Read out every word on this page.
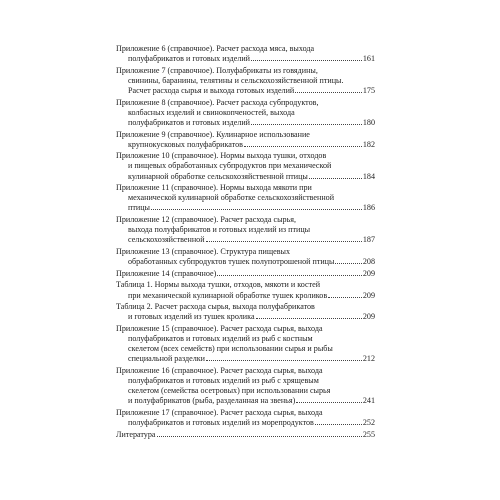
Приложение 6 (справочное). Расчет расхода мяса, выхода
полуфабрикатов и готовых изделий	161
Приложение 7 (справочное). Полуфабрикаты из говядины,
свинины, баранины, телятины и сельскохозяйственной птицы.
Расчет расхода сырья и выхода готовых изделий	175
Приложение 8 (справочное). Расчет расхода субпродуктов,
колбасных изделий и свинокопченостей, выхода
полуфабрикатов и готовых изделий	180
Приложение 9 (справочное). Кулинарное использование
крупнокусковых полуфабрикатов	182
Приложение 10 (справочное). Нормы выхода тушки, отходов
и пищевых обработанных субпродуктов при механической
кулинарной обработке сельскохозяйственной птицы	184
Приложение 11 (справочное). Нормы выхода мякоти при
механической кулинарной обработке сельскохозяйственной
птицы	186
Приложение 12 (справочное). Расчет расхода сырья,
выхода полуфабрикатов и готовых изделий из птицы
сельскохозяйственной	187
Приложение 13 (справочное). Структура пищевых
обработанных субпродуктов тушек полупотрошеной птицы	208
Приложение 14 (справочное)	209
Таблица 1. Нормы выхода тушки, отходов, мякоти и костей
при механической кулинарной обработке тушек кроликов	209
Таблица 2. Расчет расхода сырья, выхода полуфабрикатов
и готовых изделий из тушек кролика	209
Приложение 15 (справочное). Расчет расхода сырья, выхода
полуфабрикатов и готовых изделий из рыб с костным
скелетом (всех семейств) при использовании сырья и рыбы
специальной разделки	212
Приложение 16 (справочное). Расчет расхода сырья, выхода
полуфабрикатов и готовых изделий из рыб с хрящевым
скелетом (семейства осетровых) при использовании сырья
и полуфабрикатов (рыба, разделанная на звенья)	241
Приложение 17 (справочное). Расчет расхода сырья, выхода
полуфабрикатов и готовых изделий из морепродуктов	252
Литература	255
